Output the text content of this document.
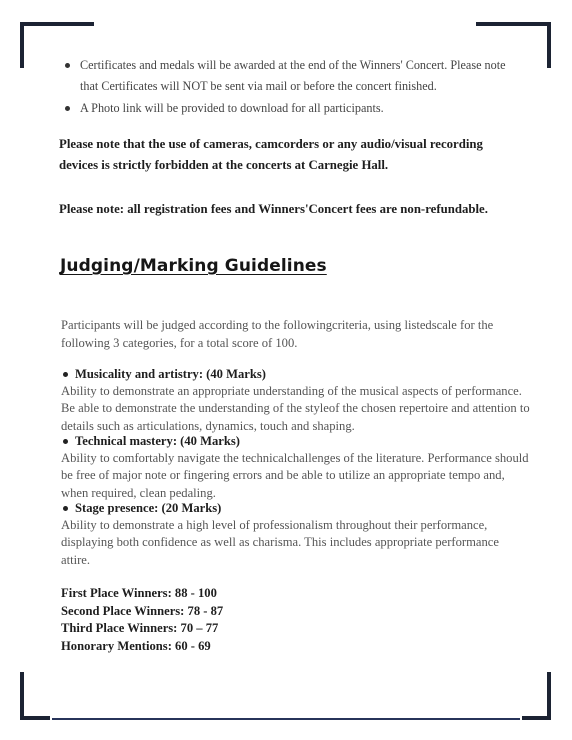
Certificates and medals will be awarded at the end of the Winners' Concert. Please note that Certificates will NOT be sent via mail or before the concert finished.
A Photo link will be provided to download for all participants.
Please note that the use of cameras, camcorders or any audio/visual recording devices is strictly forbidden at the concerts at Carnegie Hall.
Please note: all registration fees and Winners'Concert fees are non-refundable.
Judging/Marking Guidelines
Participants will be judged according to the followingcriteria, using listedscale for the following 3 categories, for a total score of 100.
Musicality and artistry: (40 Marks)
Ability to demonstrate an appropriate understanding of the musical aspects of performance. Be able to demonstrate the understanding of the styleof the chosen repertoire and attention to details such as articulations, dynamics, touch and shaping.
Technical mastery: (40 Marks)
Ability to comfortably navigate the technicalchallenges of the literature. Performance should be free of major note or fingering errors and be able to utilize an appropriate tempo and, when required, clean pedaling.
Stage presence: (20 Marks)
Ability to demonstrate a high level of professionalism throughout their performance, displaying both confidence as well as charisma. This includes appropriate performance attire.
First Place Winners: 88 - 100
Second Place Winners: 78 - 87
Third Place Winners: 70 – 77
Honorary Mentions: 60 - 69
